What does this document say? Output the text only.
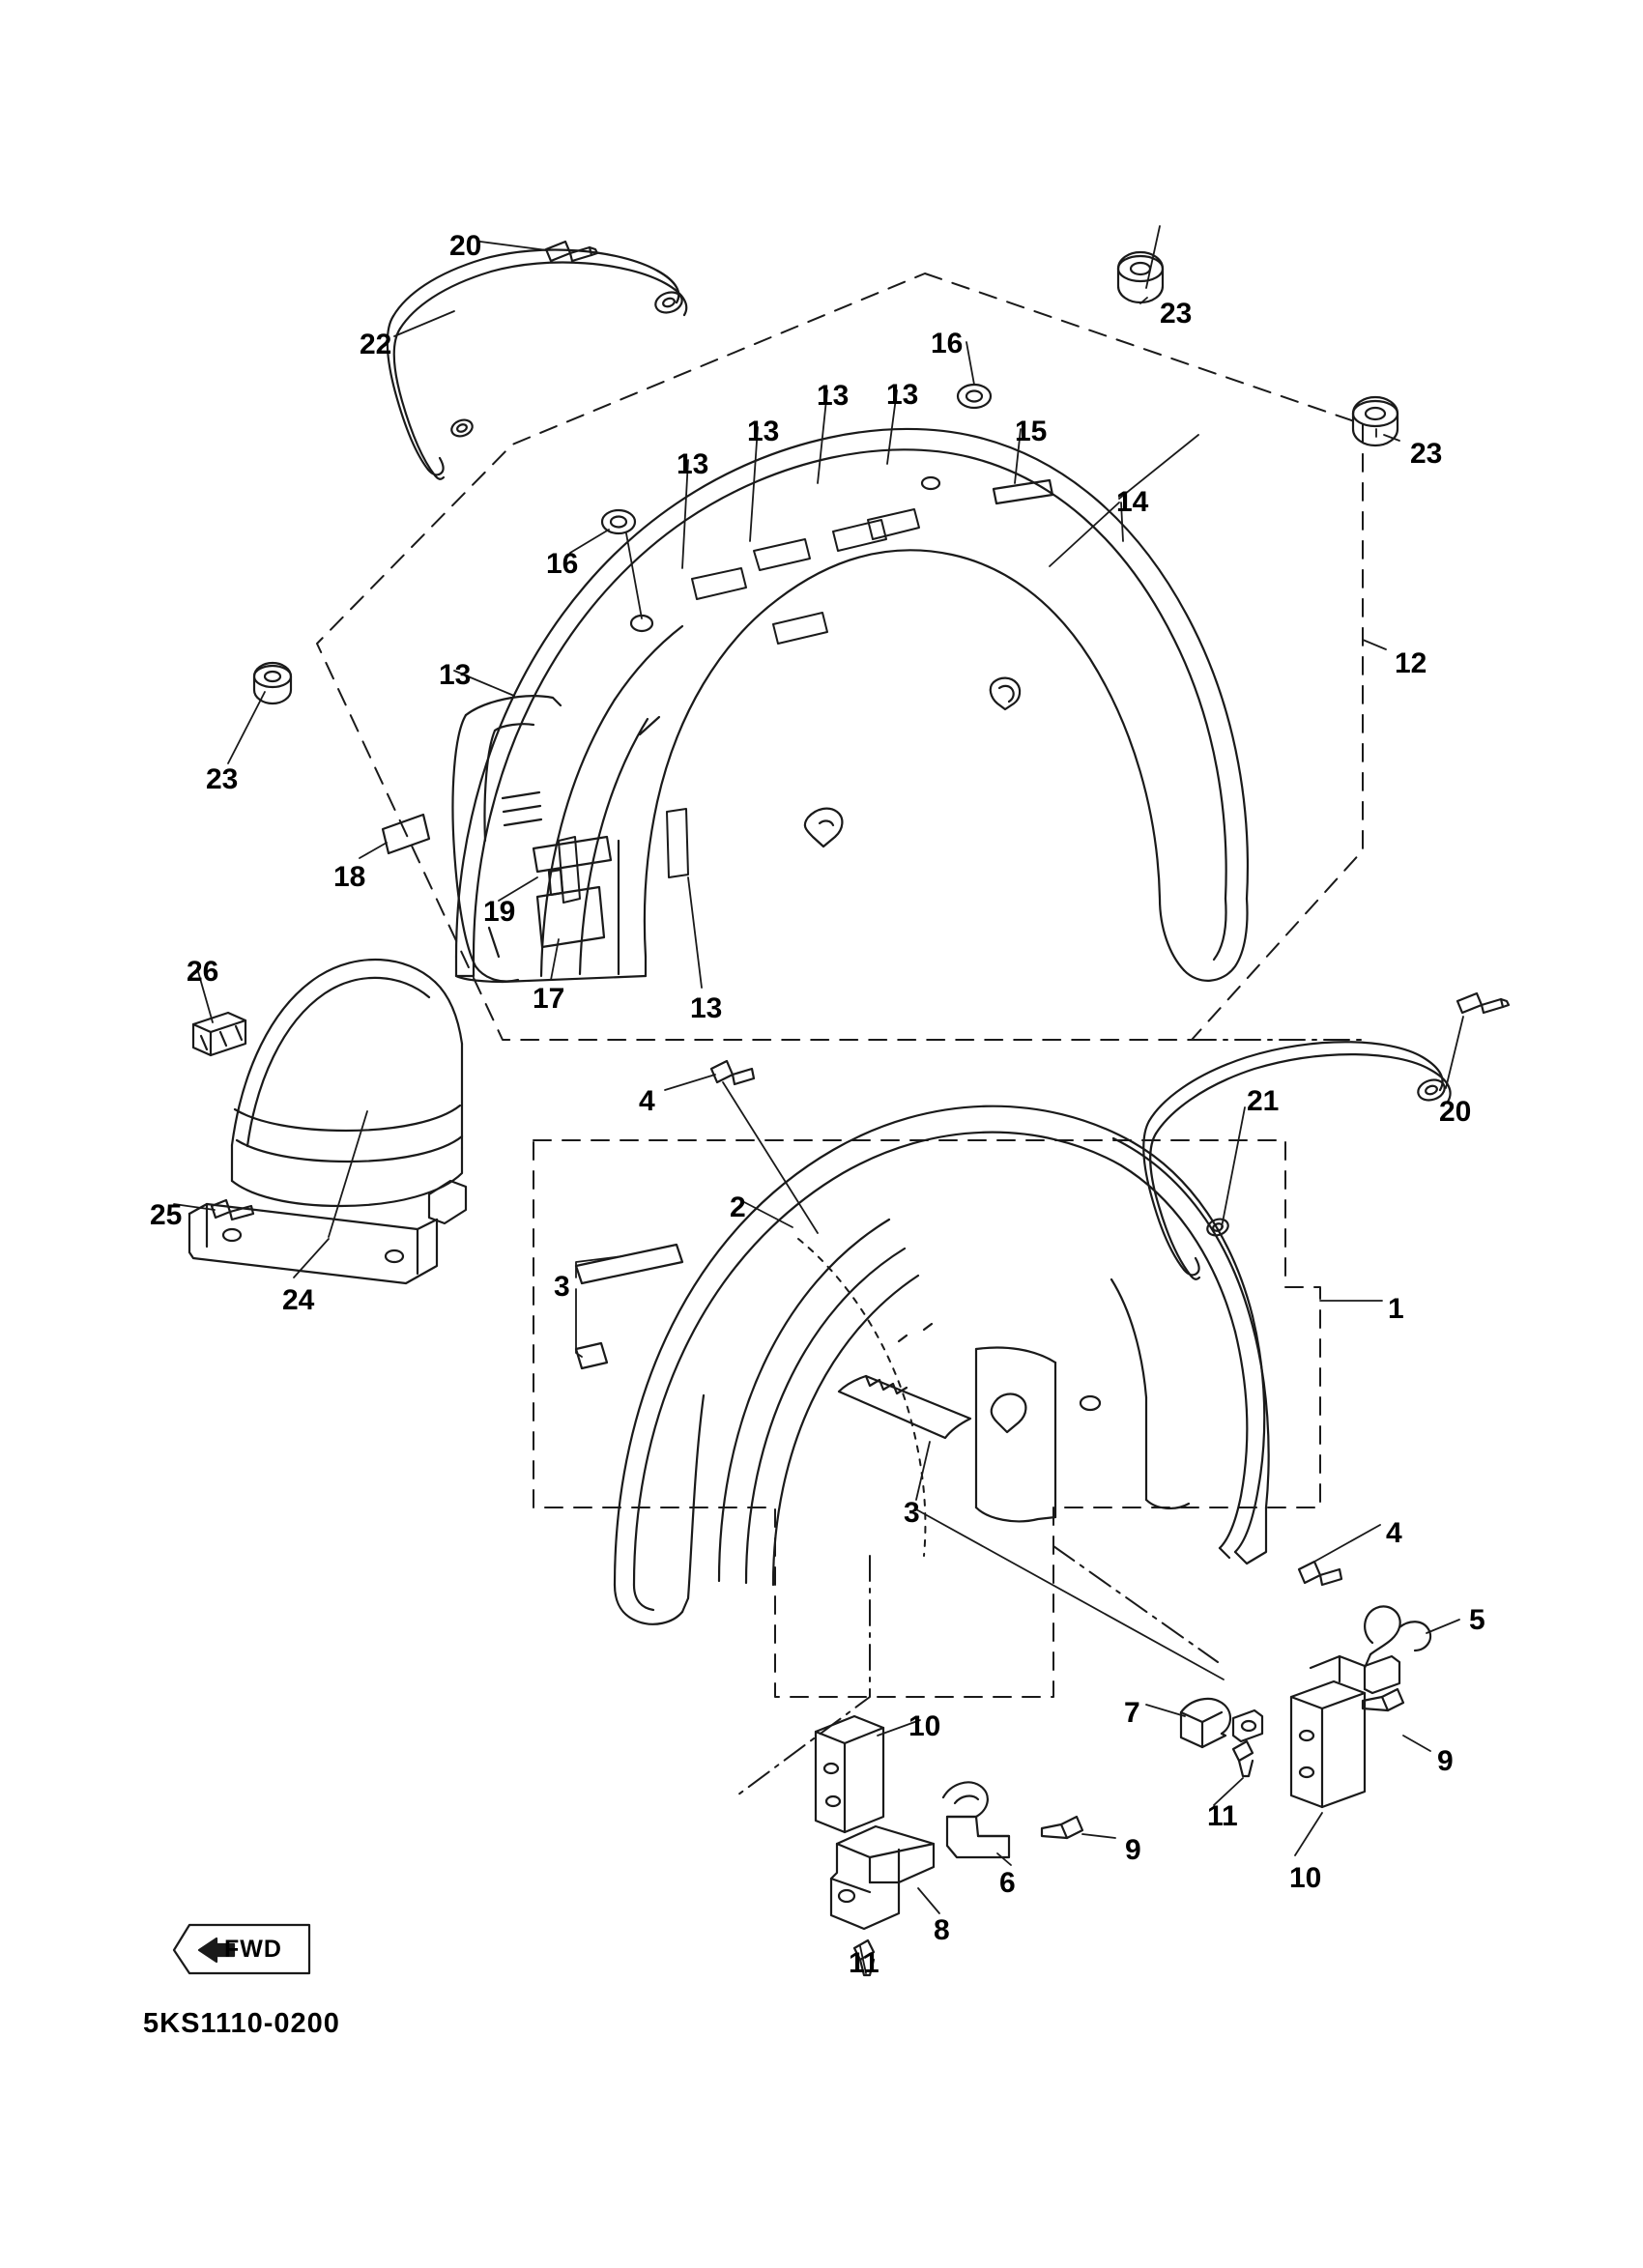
FWD
5KS1110-0200
20
22
23
16
13 13
15
23
13
13
14
16
12
13
23
18
19
17	13
26
21	20
25
24
4
2
3
1
3
4
5
7
9
10
11
9
10
6
8
11
